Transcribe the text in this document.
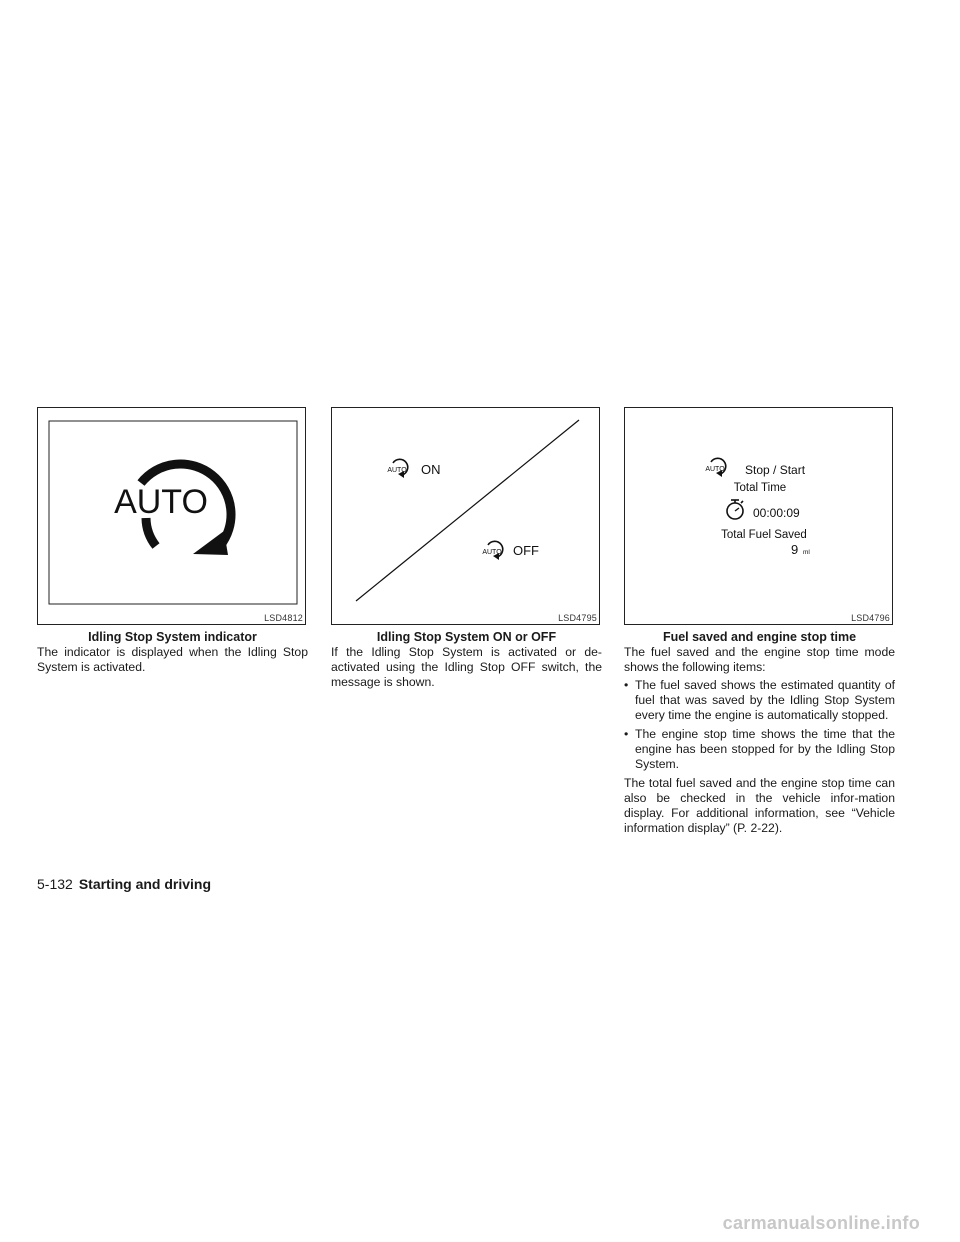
AUTO
LSD4812
Idling Stop System indicator

The indicator is displayed when the Idling Stop System is activated.

AUTO ON
AUTO OFF
LSD4795
Idling Stop System ON or OFF

If the Idling Stop System is activated or de-activated using the Idling Stop OFF switch, the message is shown.

AUTO Stop / Start
Total Time
00:00:09
Total Fuel Saved
9 ml
LSD4796
Fuel saved and engine stop time

The fuel saved and the engine stop time mode shows the following items:

• The fuel saved shows the estimated quantity of fuel that was saved by the Idling Stop System every time the engine is automatically stopped.
• The engine stop time shows the time that the engine has been stopped for by the Idling Stop System.

The total fuel saved and the engine stop time can also be checked in the vehicle infor-mation display. For additional information, see “Vehicle information display” (P. 2-22).

5-132 Starting and driving
carmanualsonline.info
